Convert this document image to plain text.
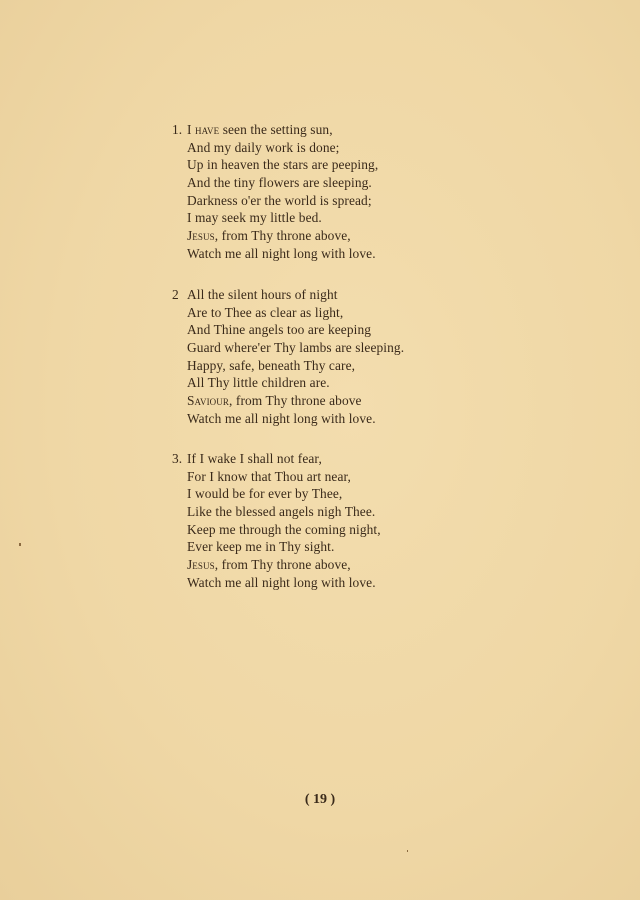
1. I have seen the setting sun,
And my daily work is done;
Up in heaven the stars are peeping,
And the tiny flowers are sleeping.
Darkness o'er the world is spread;
I may seek my little bed.
Jesus, from Thy throne above,
Watch me all night long with love.
2 All the silent hours of night
Are to Thee as clear as light,
And Thine angels too are keeping
Guard where'er Thy lambs are sleeping.
Happy, safe, beneath Thy care,
All Thy little children are.
Saviour, from Thy throne above
Watch me all night long with love.
3. If I wake I shall not fear,
For I know that Thou art near,
I would be for ever by Thee,
Like the blessed angels nigh Thee.
Keep me through the coming night,
Ever keep me in Thy sight.
Jesus, from Thy throne above,
Watch me all night long with love.
( 19 )
